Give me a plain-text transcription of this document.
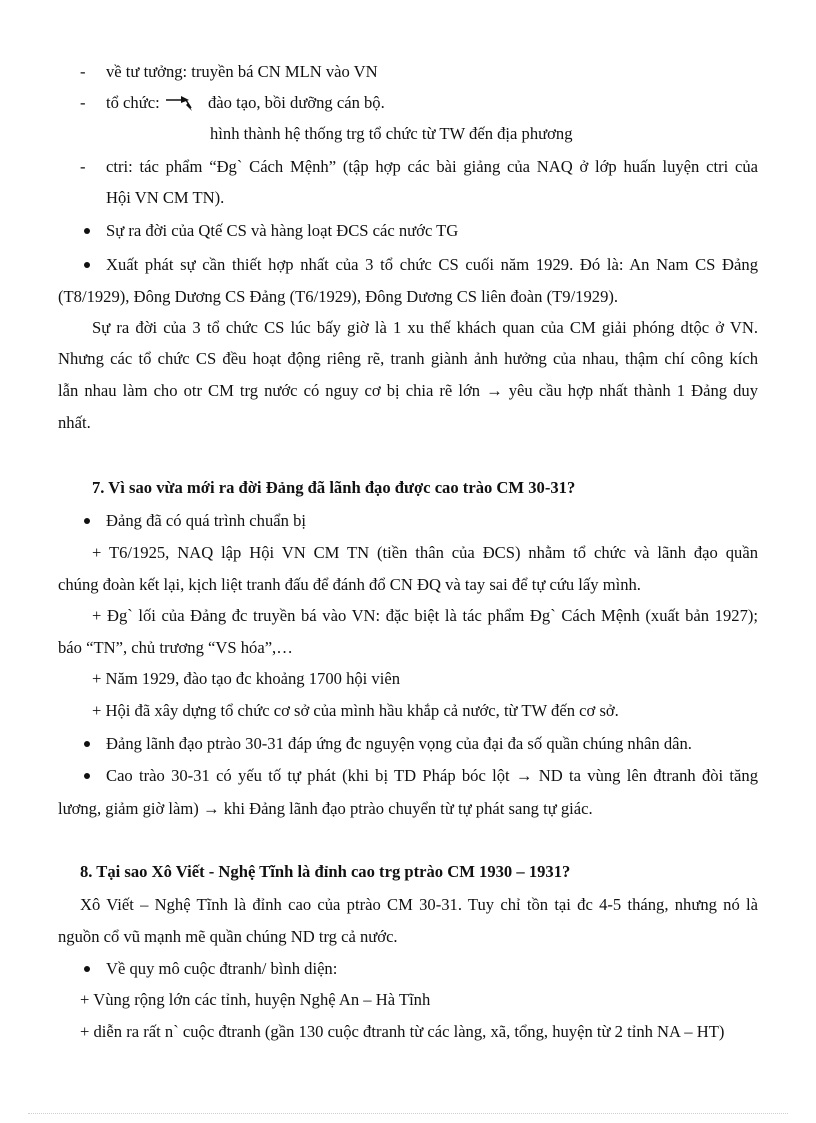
- về tư tưởng: truyền bá CN MLN vào VN
- tổ chức:	đào tạo, bồi dưỡng cán bộ.
hình thành hệ thống trg tổ chức từ TW đến địa phương
- ctri: tác phẩm “Đg` Cách Mệnh” (tập hợp các bài giảng của NAQ ở lớp huấn luyện ctri của
Hội VN CM TN).
Sự ra đời của Qtế CS và hàng loạt ĐCS các nước TG
Xuất phát sự cần thiết hợp nhất của 3 tổ chức CS cuối năm 1929. Đó là: An Nam CS Đảng
(T8/1929), Đông Dương CS Đảng (T6/1929), Đông Dương CS liên đoàn (T9/1929).
Sự ra đời của 3 tổ chức CS lúc bấy giờ là 1 xu thế khách quan của CM giải phóng dtộc ở VN.
Nhưng các tổ chức CS đều hoạt động riêng rẽ, tranh giành ảnh hưởng của nhau, thậm chí công kích
lẫn nhau làm cho otr CM trg nước có nguy cơ bị chia rẽ lớn → yêu cầu hợp nhất thành 1 Đảng duy
nhất.
7. Vì sao vừa mới ra đời Đảng đã lãnh đạo được cao trào CM 30-31?
Đảng đã có quá trình chuẩn bị
+ T6/1925, NAQ lập Hội VN CM TN (tiền thân của ĐCS) nhằm tổ chức và lãnh đạo quần
chúng đoàn kết lại, kịch liệt tranh đấu để đánh đổ CN ĐQ và tay sai để tự cứu lấy mình.
+ Đg` lối của Đảng đc truyền bá vào VN: đặc biệt là tác phẩm Đg` Cách Mệnh (xuất bản 1927);
báo “TN”, chủ trương “VS hóa”,…
+ Năm 1929, đào tạo đc khoảng 1700 hội viên
+ Hội đã xây dựng tổ chức cơ sở của mình hầu khắp cả nước, từ TW đến cơ sở.
Đảng lãnh đạo ptrào 30-31 đáp ứng đc nguyện vọng của đại đa số quần chúng nhân dân.
Cao trào 30-31 có yếu tố tự phát (khi bị TD Pháp bóc lột → ND ta vùng lên đtranh đòi tăng
lương, giảm giờ làm) → khi Đảng lãnh đạo ptrào chuyển từ tự phát sang tự giác.
8. Tại sao Xô Viết - Nghệ Tĩnh là đỉnh cao trg ptrào CM 1930 – 1931?
Xô Viết – Nghệ Tĩnh là đỉnh cao của ptrào CM 30-31. Tuy chỉ tồn tại đc 4-5 tháng, nhưng nó là
nguồn cổ vũ mạnh mẽ quần chúng ND trg cả nước.
Về quy mô cuộc đtranh/ bình diện:
+ Vùng rộng lớn các tỉnh, huyện Nghệ An – Hà Tĩnh
+ diễn ra rất n` cuộc đtranh (gần 130 cuộc đtranh từ các làng, xã, tổng, huyện từ 2 tỉnh NA – HT)
